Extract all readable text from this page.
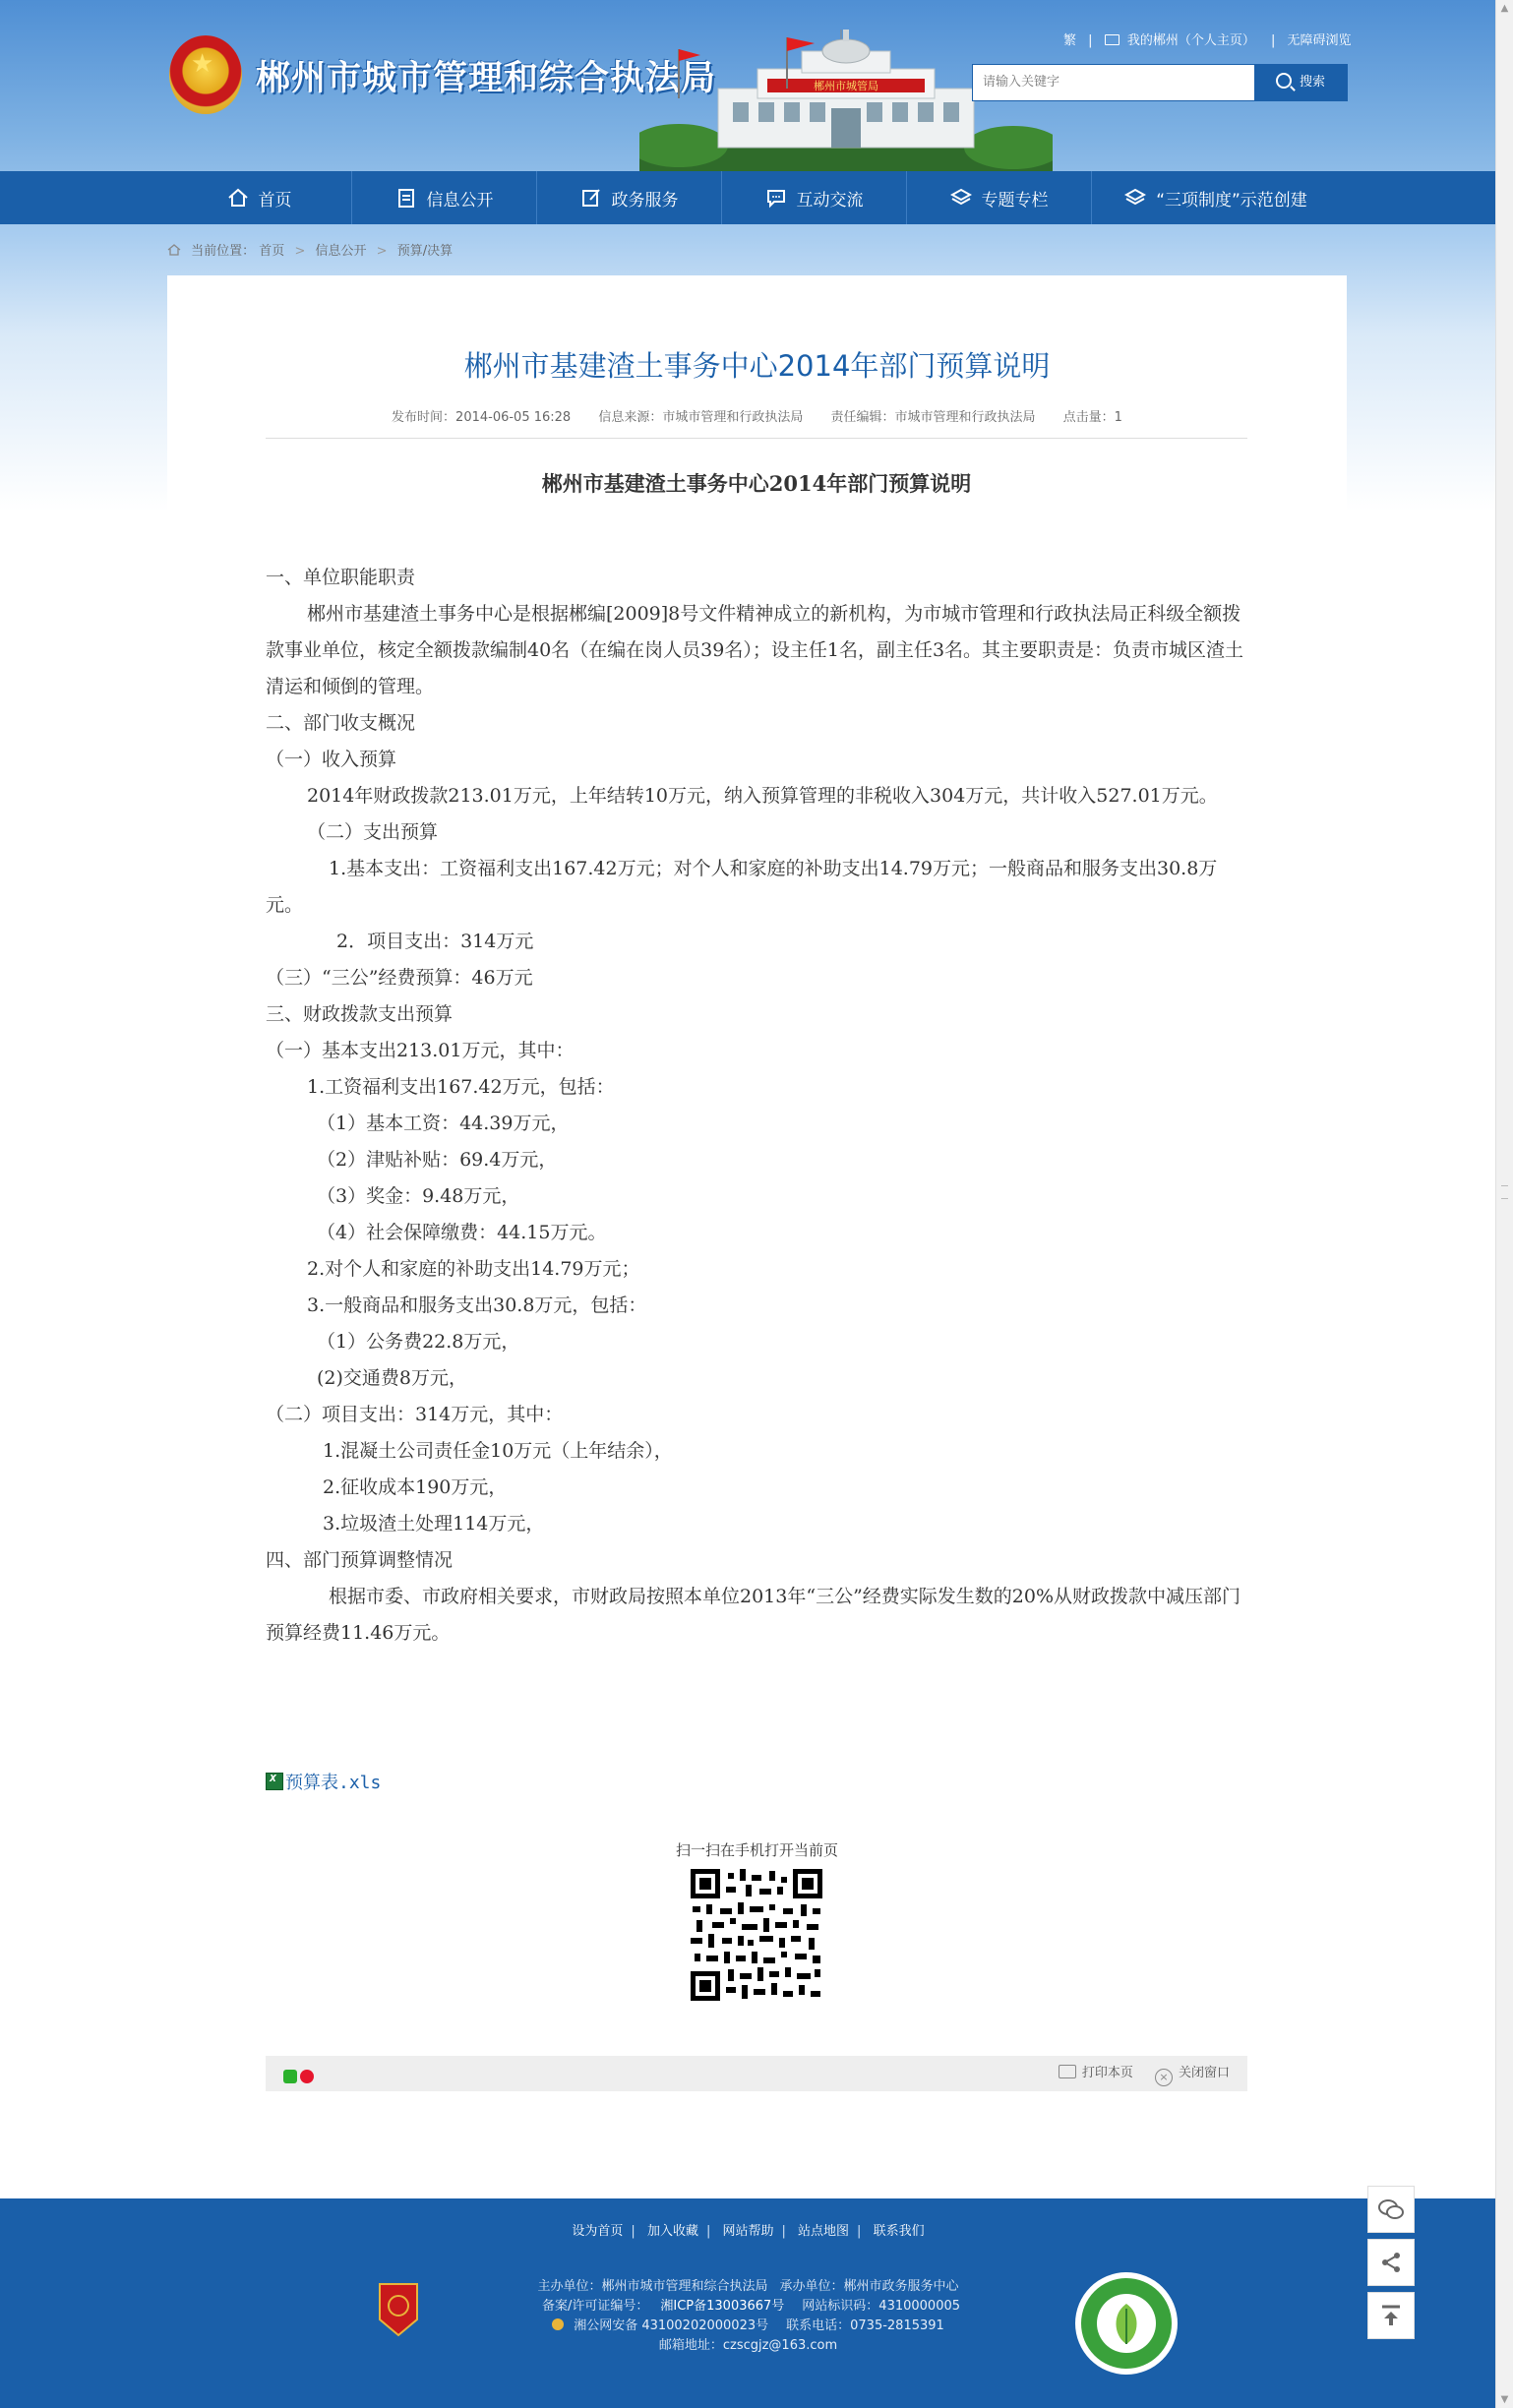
★ 郴州市城市管理和综合执法局	郴州市城管局
繁 |	我的郴州（个人主页） | 无障碍浏览
请输入关键字
搜索
首页	信息公开	政务服务	互动交流	专题专栏	“三项制度”示范创建
当前位置： 首页 > 信息公开 > 预算/决算
郴州市基建渣土事务中心2014年部门预算说明
发布时间：2014-06-05 16:28 信息来源：市城市管理和行政执法局 责任编辑：市城市管理和行政执法局 点击量：1
郴州市基建渣土事务中心2014年部门预算说明

一、单位职能职责

郴州市基建渣土事务中心是根据郴编[2009]8号文件精神成立的新机构，为市城市管理和行政执法局正科级全额拨款事业单位，核定全额拨款编制40名（在编在岗人员39名）；设主任1名，副主任3名。其主要职责是：负责市城区渣土清运和倾倒的管理。

二、部门收支概况

（一）收入预算

2014年财政拨款213.01万元，上年结转10万元，纳入预算管理的非税收入304万元，共计收入527.01万元。

（二）支出预算

1.基本支出：工资福利支出167.42万元；对个人和家庭的补助支出14.79万元；一般商品和服务支出30.8万元。

2．项目支出：314万元

（三）“三公”经费预算：46万元

三、财政拨款支出预算

（一）基本支出213.01万元，其中：

1.工资福利支出167.42万元，包括：

（1）基本工资：44.39万元，

（2）津贴补贴：69.4万元，

（3）奖金：9.48万元，

（4）社会保障缴费：44.15万元。

2.对个人和家庭的补助支出14.79万元；

3.一般商品和服务支出30.8万元，包括：

（1）公务费22.8万元，

(2)交通费8万元，

（二）项目支出：314万元，其中：

1.混凝土公司责任金10万元（上年结余），

2.征收成本190万元，

3.垃圾渣土处理114万元，

四、部门预算调整情况

根据市委、市政府相关要求，市财政局按照本单位2013年“三公”经费实际发生数的20%从财政拨款中减压部门预算经费11.46万元。

x预算表.xls
扫一扫在手机打开当前页
打印本页 × 关闭窗口
设为首页 | 加入收藏 | 网站帮助 | 站点地图 | 联系我们
主办单位：郴州市城市管理和综合执法局 承办单位：郴州市政务服务中心
备案/许可证编号： 湘ICP备13003667号 网站标识码：4310000005
湘公网安备 43100202000023号 联系电话：0735-2815391
邮箱地址：czscgjz@163.com
▲
▼
